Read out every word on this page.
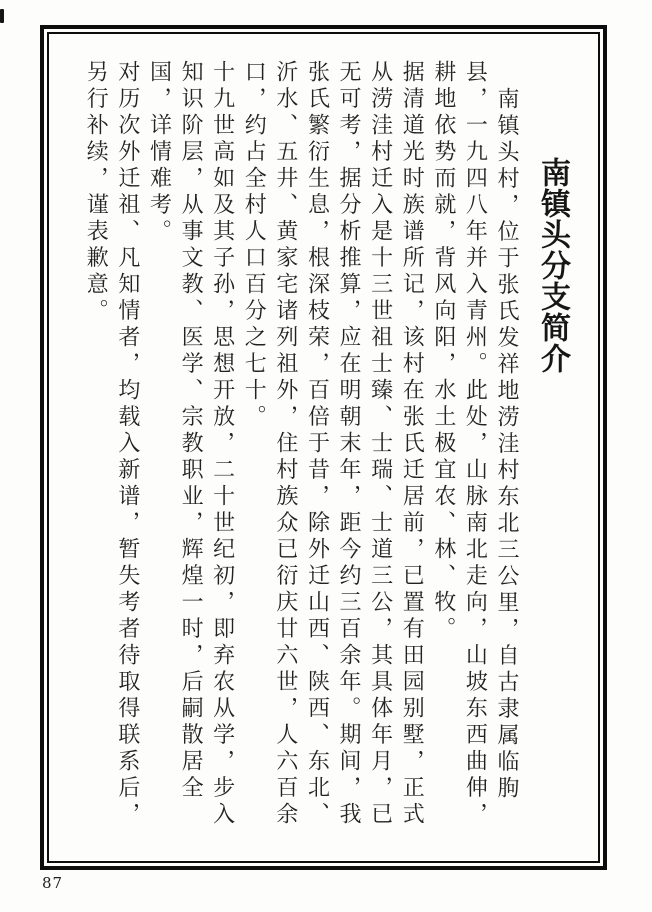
南镇头分支简介

南镇头村，位于张氏发祥地涝洼村东北三公里，自古隶属临朐县，一九四八年并入青州。此处，山脉南北走向，山坡东西曲伸，耕地依势而就，背风向阳，水土极宜农、林、牧。

据清道光时族谱所记，该村在张氏迁居前，已置有田园别墅，正式从涝洼村迁入是十三世祖士臻、士瑞、士道三公，其具体年月，已无可考，据分析推算，应在明朝末年，距今约三百余年。期间，我张氏繁衍生息，根深枝荣，百倍于昔，除外迁山西、陕西、东北、沂水、五井、黄家宅诸列祖外，住村族众已衍庆廿六世，人六百余口，约占全村人口百分之七十。

十九世高如及其子孙，思想开放，二十世纪初，即弃农从学，步入知识阶层，从事文教、医学、宗教职业，辉煌一时，后嗣散居全国，详情难考。

对历次外迁祖、凡知情者，均载入新谱，暂失考者待取得联系后，另行补续，谨表歉意。

87
